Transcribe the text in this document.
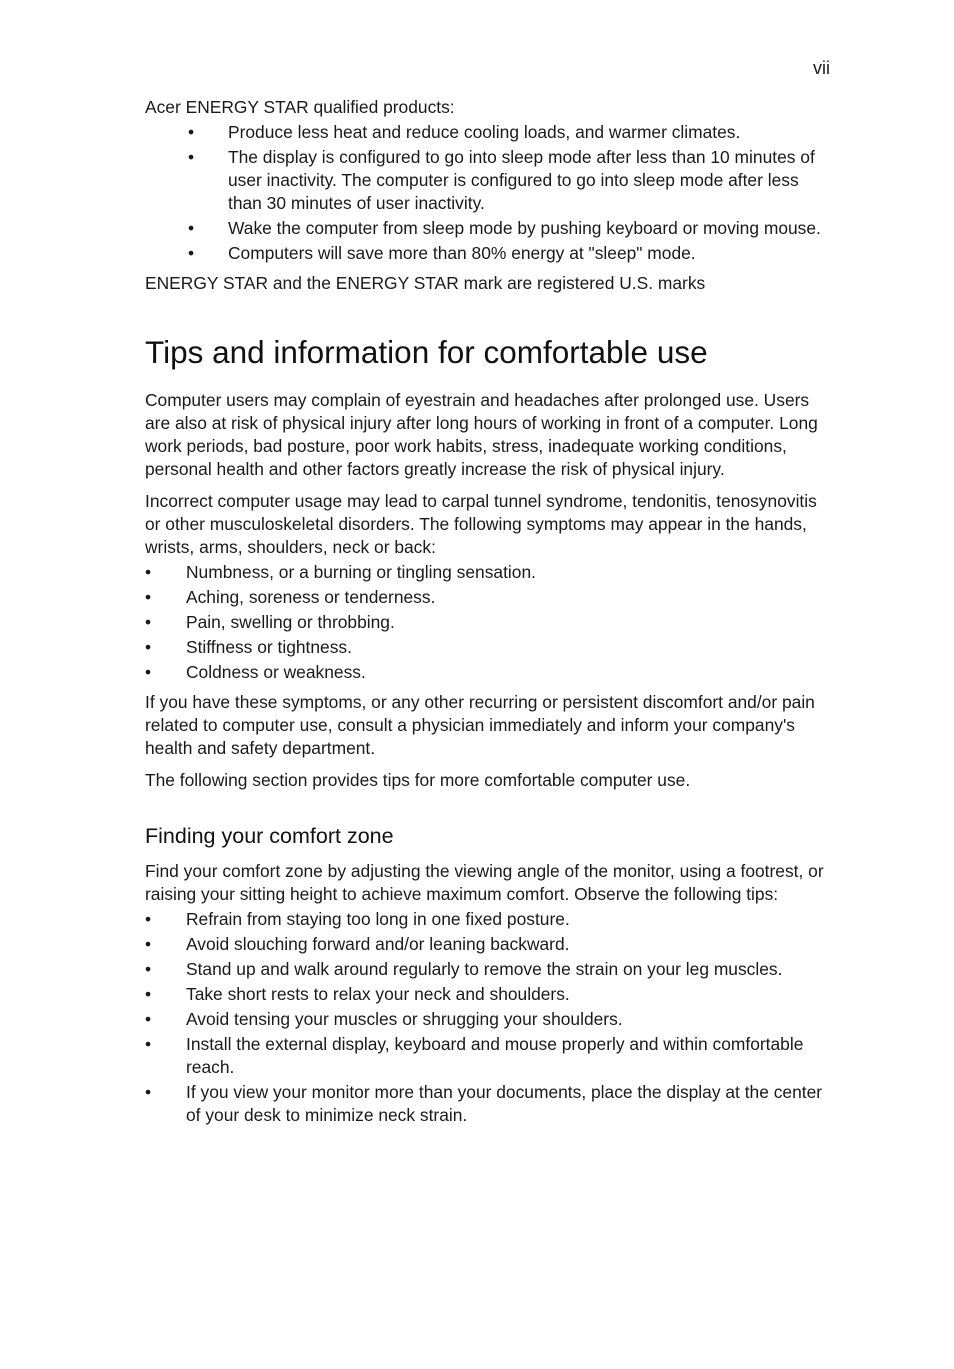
vii

Acer ENERGY STAR qualified products:

• Produce less heat and reduce cooling loads, and warmer climates.
• The display is configured to go into sleep mode after less than 10 minutes of user inactivity. The computer is configured to go into sleep mode after less than 30 minutes of user inactivity.
• Wake the computer from sleep mode by pushing keyboard or moving mouse.
• Computers will save more than 80% energy at "sleep" mode.

ENERGY STAR and the ENERGY STAR mark are registered U.S. marks

Tips and information for comfortable use

Computer users may complain of eyestrain and headaches after prolonged use. Users are also at risk of physical injury after long hours of working in front of a computer. Long work periods, bad posture, poor work habits, stress, inadequate working conditions, personal health and other factors greatly increase the risk of physical injury.

Incorrect computer usage may lead to carpal tunnel syndrome, tendonitis, tenosynovitis or other musculoskeletal disorders. The following symptoms may appear in the hands, wrists, arms, shoulders, neck or back:

• Numbness, or a burning or tingling sensation.
• Aching, soreness or tenderness.
• Pain, swelling or throbbing.
• Stiffness or tightness.
• Coldness or weakness.

If you have these symptoms, or any other recurring or persistent discomfort and/or pain related to computer use, consult a physician immediately and inform your company's health and safety department.

The following section provides tips for more comfortable computer use.

Finding your comfort zone

Find your comfort zone by adjusting the viewing angle of the monitor, using a footrest, or raising your sitting height to achieve maximum comfort. Observe the following tips:

• Refrain from staying too long in one fixed posture.
• Avoid slouching forward and/or leaning backward.
• Stand up and walk around regularly to remove the strain on your leg muscles.
• Take short rests to relax your neck and shoulders.
• Avoid tensing your muscles or shrugging your shoulders.
• Install the external display, keyboard and mouse properly and within comfortable reach.
• If you view your monitor more than your documents, place the display at the center of your desk to minimize neck strain.
